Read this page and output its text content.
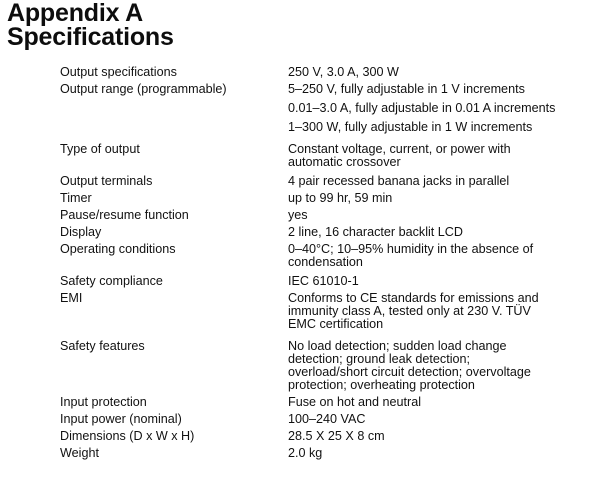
Appendix A
Specifications
Output specifications	250 V, 3.0 A, 300 W
Output range (programmable)	5–250 V, fully adjustable in 1 V increments
0.01–3.0 A, fully adjustable in 0.01 A increments
1–300 W, fully adjustable in 1 W increments
Type of output	Constant voltage, current, or power with
automatic crossover
Output terminals	4 pair recessed banana jacks in parallel
Timer	up to 99 hr, 59 min
Pause/resume function	yes
Display	2 line, 16 character backlit LCD
Operating conditions	0–40°C; 10–95% humidity in the absence of
condensation
Safety compliance	IEC 61010-1
EMI	Conforms to CE standards for emissions and
immunity class A, tested only at 230 V. TÜV
EMC certification
Safety features	No load detection; sudden load change
detection; ground leak detection;
overload/short circuit detection; overvoltage
protection; overheating protection
Input protection	Fuse on hot and neutral
Input power (nominal)	100–240 VAC
Dimensions (D x W x H)	28.5 X 25 X 8 cm
Weight	2.0 kg
